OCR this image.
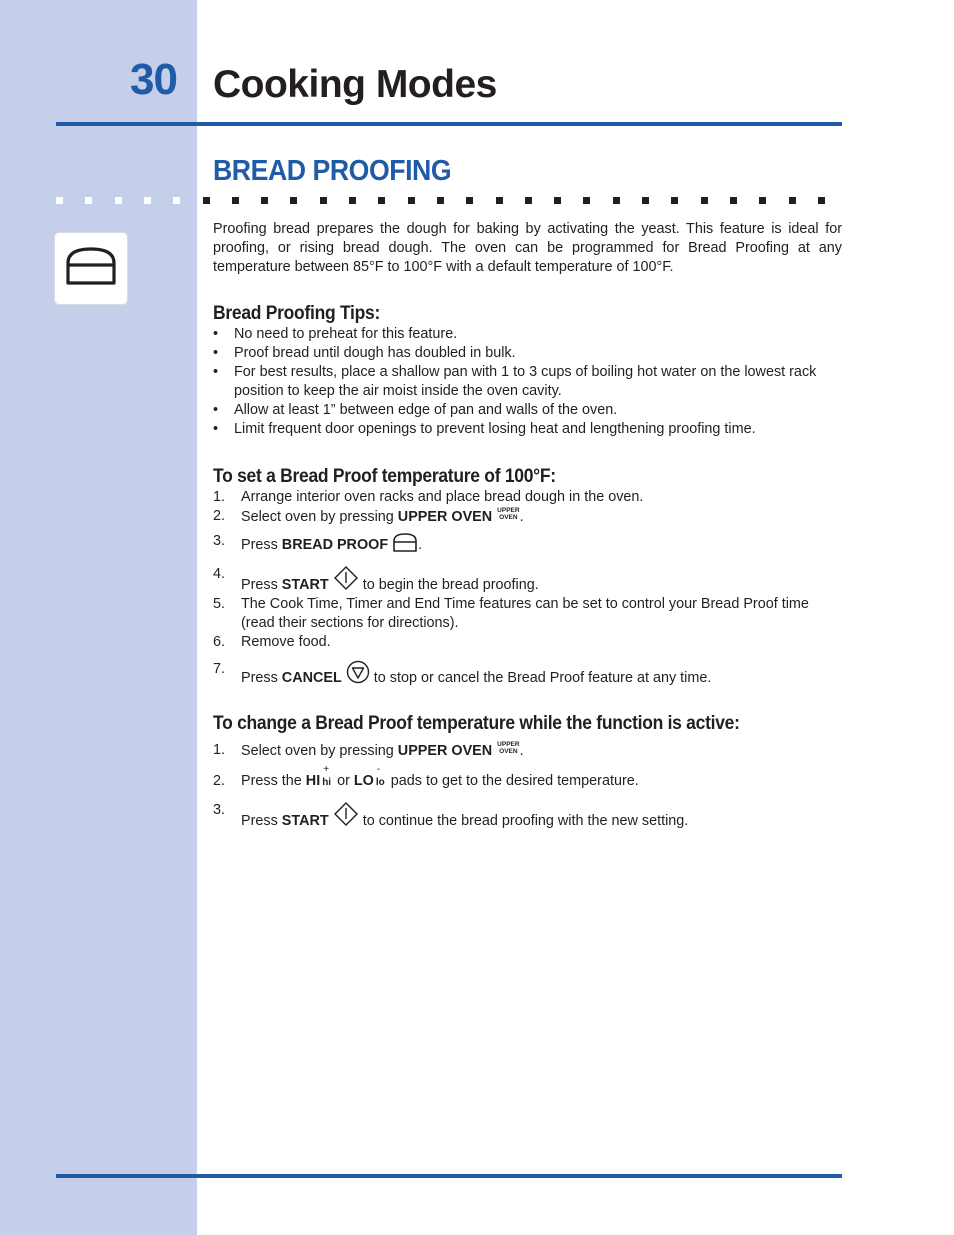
30 Cooking Modes
BREAD PROOFING

Proofing bread prepares the dough for baking by activating the yeast. This feature is ideal for proofing, or rising bread dough. The oven can be programmed for Bread Proofing at any temperature between 85°F to 100°F with a default temperature of 100°F.

Bread Proofing Tips:
• No need to preheat for this feature.
• Proof bread until dough has doubled in bulk.
• For best results, place a shallow pan with 1 to 3 cups of boiling hot water on the lowest rack position to keep the air moist inside the oven cavity.
• Allow at least 1” between edge of pan and walls of the oven.
• Limit frequent door openings to prevent losing heat and lengthening proofing time.
To set a Bread Proof temperature of 100°F:
1. Arrange interior oven racks and place bread dough in the oven.
2. Select oven by pressing UPPER OVEN UPPER
OVEN .
3. Press BREAD PROOF .
4.
Press START  to begin the bread proofing.
5. The Cook Time, Timer and End Time features can be set to control your Bread Proof time (read their sections for directions).
6. Remove food.
7.
Press CANCEL  to stop or cancel the Bread Proof feature at any time.
To change a Bread Proof temperature while the function is active:
1. Select oven by pressing UPPER OVEN UPPER
OVEN .
2. Press the HI
+
hi or LO
-
lo pads to get to the desired temperature.
3.
Press START  to continue the bread proofing with the new setting.
